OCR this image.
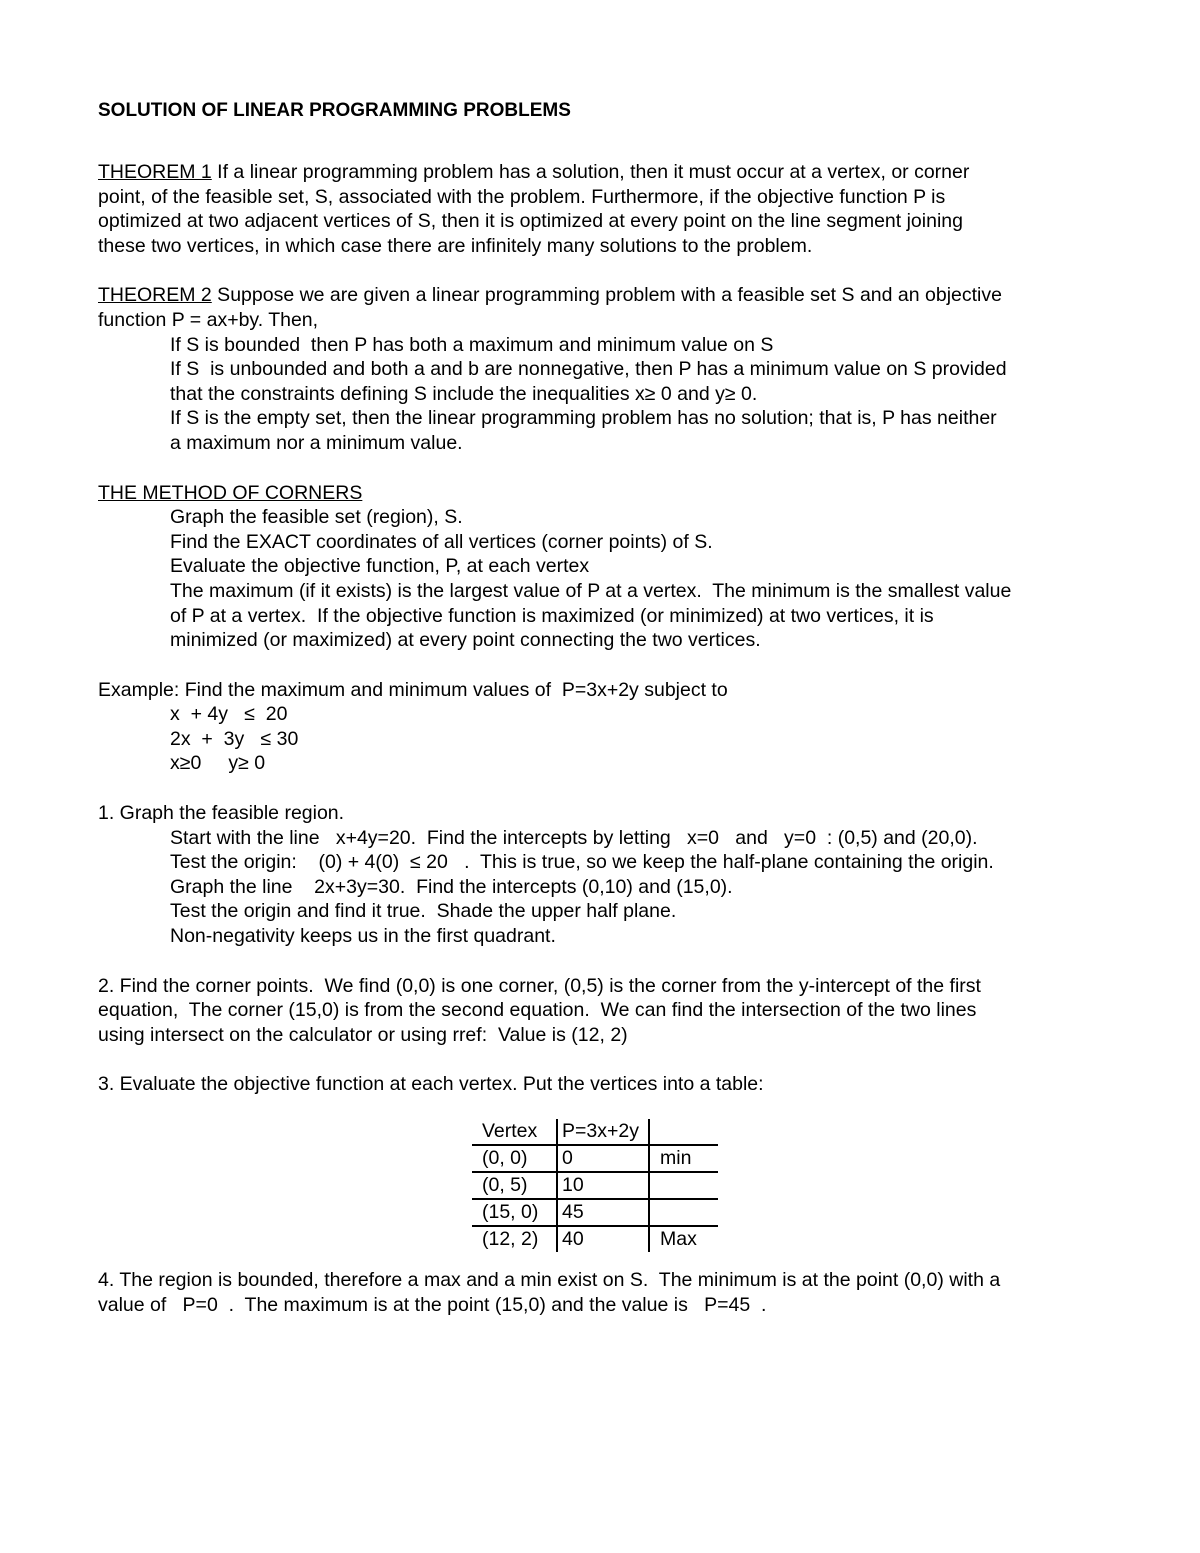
SOLUTION OF LINEAR PROGRAMMING PROBLEMS

THEOREM 1 If a linear programming problem has a solution, then it must occur at a vertex, or corner

point, of the feasible set, S, associated with the problem. Furthermore, if the objective function P is

optimized at two adjacent vertices of S, then it is optimized at every point on the line segment joining

these two vertices, in which case there are infinitely many solutions to the problem.

THEOREM 2 Suppose we are given a linear programming problem with a feasible set S and an objective

function P = ax+by. Then,

If S is bounded  then P has both a maximum and minimum value on S

If S  is unbounded and both a and b are nonnegative, then P has a minimum value on S provided

that the constraints defining S include the inequalities x≥ 0 and y≥ 0.

If S is the empty set, then the linear programming problem has no solution; that is, P has neither

a maximum nor a minimum value.

THE METHOD OF CORNERS

Graph the feasible set (region), S.

Find the EXACT coordinates of all vertices (corner points) of S.

Evaluate the objective function, P, at each vertex

The maximum (if it exists) is the largest value of P at a vertex.  The minimum is the smallest value

of P at a vertex.  If the objective function is maximized (or minimized) at two vertices, it is

minimized (or maximized) at every point connecting the two vertices.

Example: Find the maximum and minimum values of  P=3x+2y subject to

x  + 4y   ≤  20

2x  +  3y   ≤ 30

x≥0     y≥ 0

1. Graph the feasible region.

Start with the line   x+4y=20.  Find the intercepts by letting   x=0   and   y=0  : (0,5) and (20,0).

Test the origin:    (0) + 4(0)  ≤ 20   .  This is true, so we keep the half-plane containing the origin.

Graph the line    2x+3y=30.  Find the intercepts (0,10) and (15,0).

Test the origin and find it true.  Shade the upper half plane.

Non-negativity keeps us in the first quadrant.

2. Find the corner points.  We find (0,0) is one corner, (0,5) is the corner from the y-intercept of the first

equation,  The corner (15,0) is from the second equation.  We can find the intersection of the two lines

using intersect on the calculator or using rref:  Value is (12, 2)

3. Evaluate the objective function at each vertex. Put the vertices into a table:

Vertex	P=3x+2y	
(0, 0)	0	min
(0, 5)	10	
(15, 0)	45	
(12, 2)	40	Max

4. The region is bounded, therefore a max and a min exist on S.  The minimum is at the point (0,0) with a

value of   P=0  .  The maximum is at the point (15,0) and the value is   P=45  .
